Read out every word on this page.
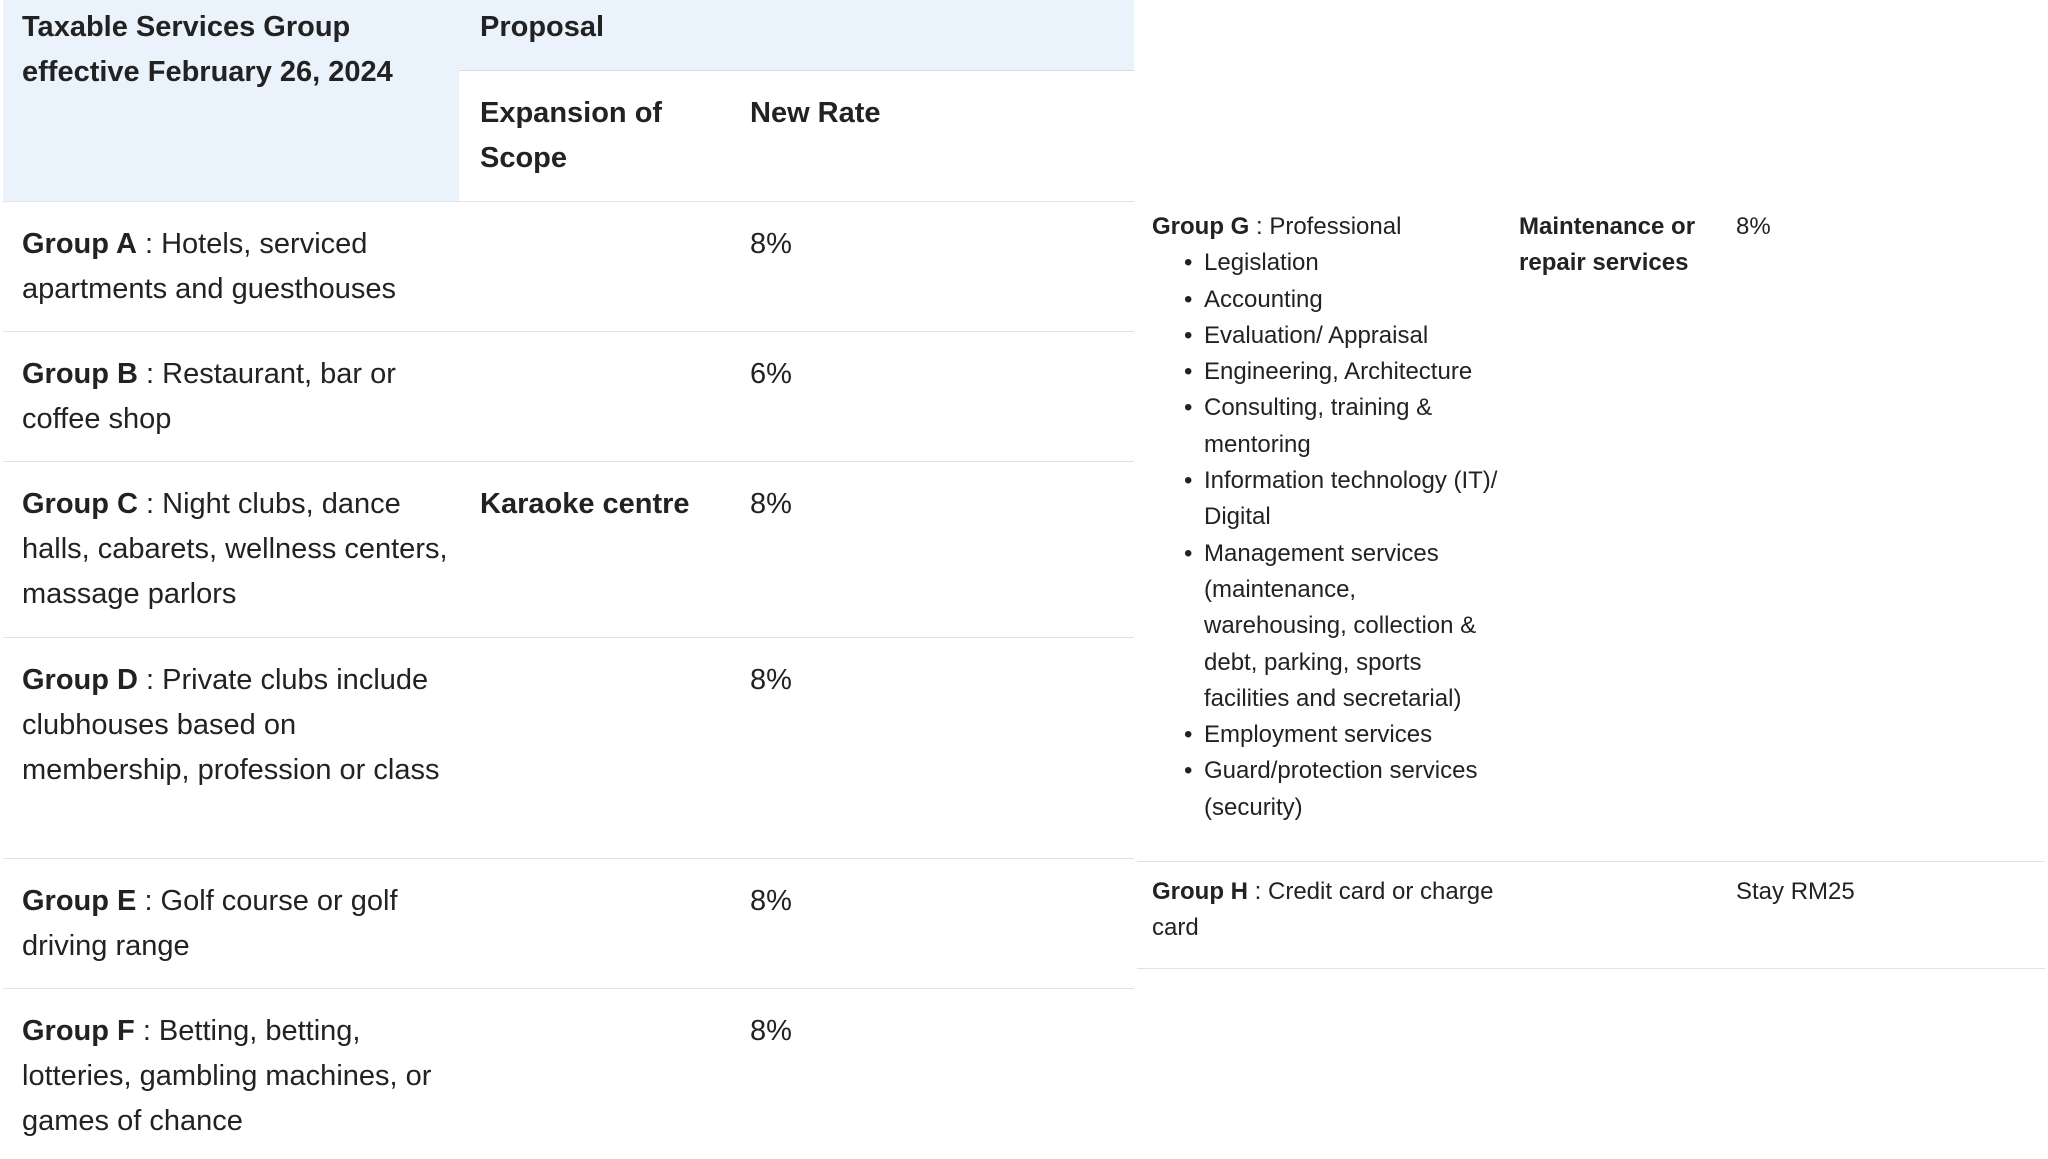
Taxable Services Group effective February 26, 2024
Proposal
Expansion of Scope
New Rate
Group A : Hotels, serviced apartments and guesthouses
8%
Group B : Restaurant, bar or coffee shop
6%
Group C : Night clubs, dance halls, cabarets, wellness centers, massage parlors
Karaoke centre	8%
Group D : Private clubs include clubhouses based on membership, profession or class
8%
Group E : Golf course or golf driving range
8%
Group F : Betting, betting, lotteries, gambling machines, or games of chance
8%
Group G : Professional
• Legislation
• Accounting
• Evaluation/ Appraisal
• Engineering, Architecture
• Consulting, training & mentoring
• Information technology (IT)/ Digital
• Management services (maintenance, warehousing, collection & debt, parking, sports facilities and secretarial)
• Employment services
• Guard/protection services (security)
Maintenance or repair services
8%
Group H : Credit card or charge card
Stay RM25
